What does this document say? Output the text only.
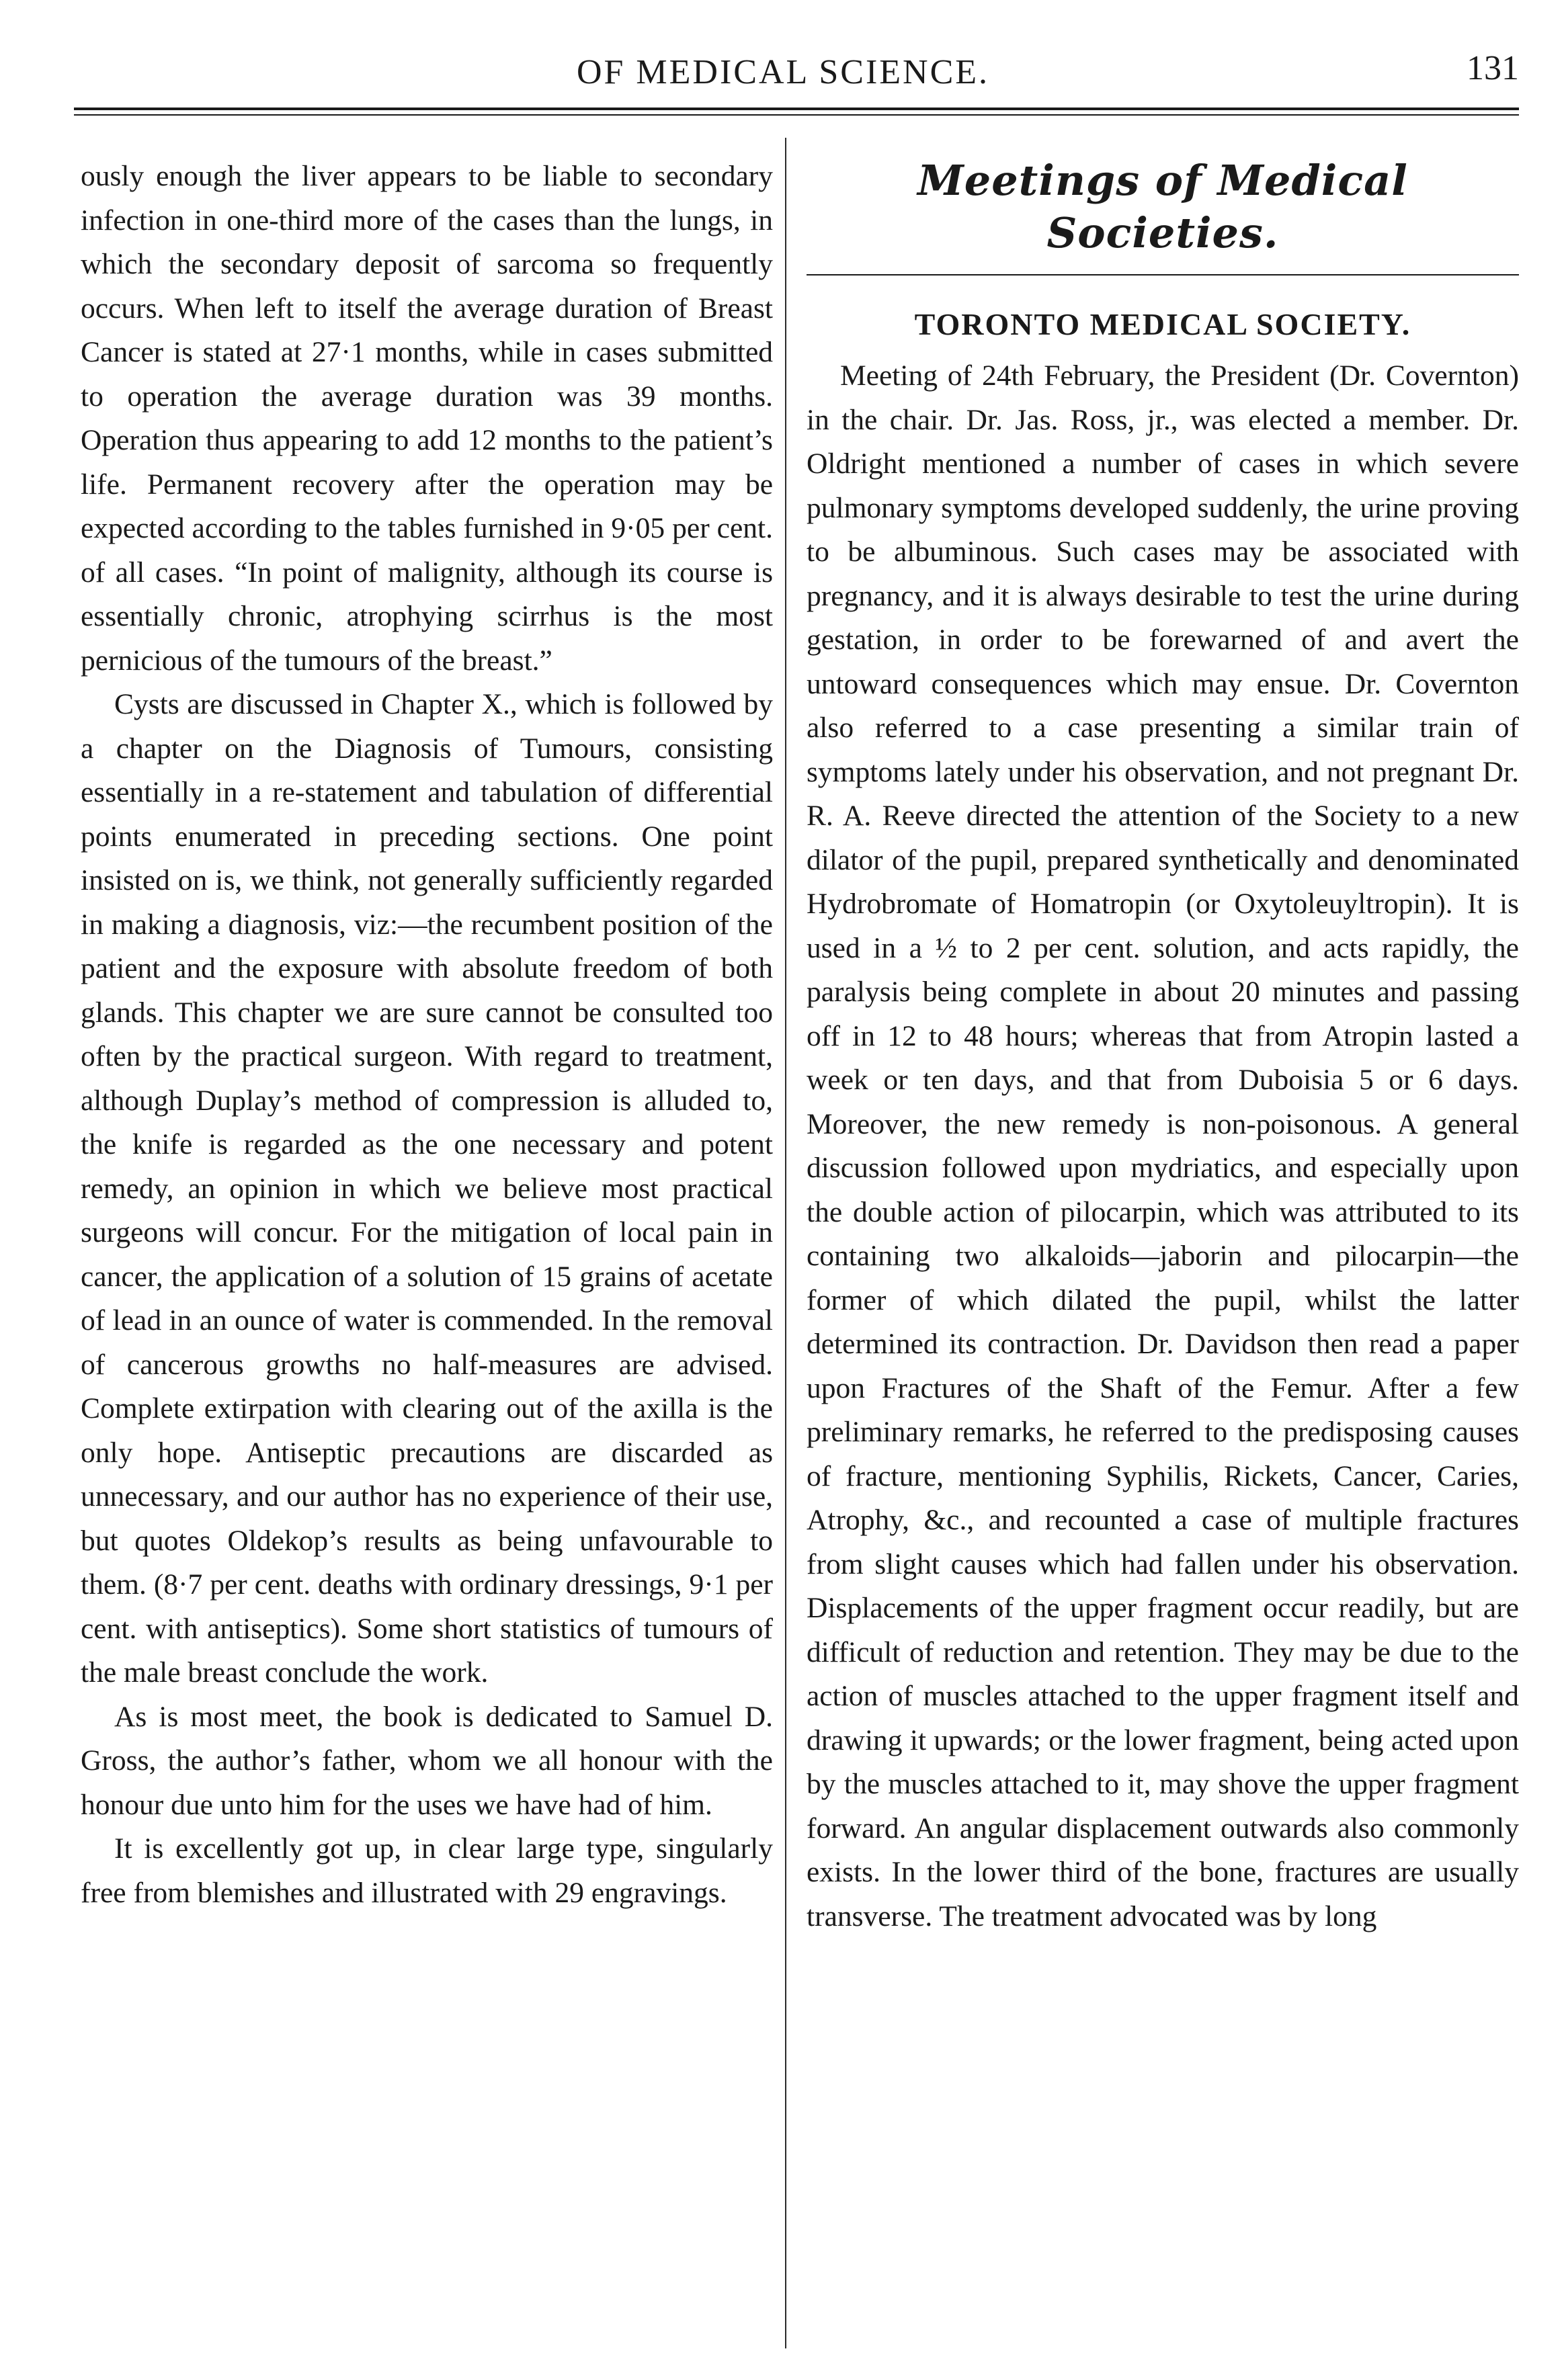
OF MEDICAL SCIENCE.	131

ously enough the liver appears to be liable to secondary infection in one-third more of the cases than the lungs, in which the secondary deposit of sarcoma so frequently occurs. When left to itself the average duration of Breast Cancer is stated at 27·1 months, while in cases submitted to operation the average duration was 39 months. Operation thus appearing to add 12 months to the patient’s life. Permanent recovery after the operation may be expected according to the tables furnished in 9·05 per cent. of all cases. “In point of malignity, although its course is essentially chronic, atrophying scirrhus is the most pernicious of the tumours of the breast.”

Cysts are discussed in Chapter X., which is followed by a chapter on the Diagnosis of Tumours, consisting essentially in a re-statement and tabulation of differential points enumerated in preceding sections. One point insisted on is, we think, not generally sufficiently regarded in making a diagnosis, viz:—the recumbent position of the patient and the exposure with absolute freedom of both glands. This chapter we are sure cannot be consulted too often by the practical surgeon. With regard to treatment, although Duplay’s method of compression is alluded to, the knife is regarded as the one necessary and potent remedy, an opinion in which we believe most practical surgeons will concur. For the mitigation of local pain in cancer, the application of a solution of 15 grains of acetate of lead in an ounce of water is commended. In the removal of cancerous growths no half-measures are advised. Complete extirpation with clearing out of the axilla is the only hope. Antiseptic precautions are discarded as unnecessary, and our author has no experience of their use, but quotes Oldekop’s results as being unfavourable to them. (8·7 per cent. deaths with ordinary dressings, 9·1 per cent. with antiseptics). Some short statistics of tumours of the male breast conclude the work.

As is most meet, the book is dedicated to Samuel D. Gross, the author’s father, whom we all honour with the honour due unto him for the uses we have had of him.

It is excellently got up, in clear large type, singularly free from blemishes and illustrated with 29 engravings.

Meetings of Medical Societies.
TORONTO MEDICAL SOCIETY.

Meeting of 24th February, the President (Dr. Covernton) in the chair. Dr. Jas. Ross, jr., was elected a member. Dr. Oldright mentioned a number of cases in which severe pulmonary symptoms developed suddenly, the urine proving to be albuminous. Such cases may be associated with pregnancy, and it is always desirable to test the urine during gestation, in order to be forewarned of and avert the untoward consequences which may ensue. Dr. Covernton also referred to a case presenting a similar train of symptoms lately under his observation, and not pregnant Dr. R. A. Reeve directed the attention of the Society to a new dilator of the pupil, prepared synthetically and denominated Hydrobromate of Homatropin (or Oxytoleuyltropin). It is used in a ½ to 2 per cent. solution, and acts rapidly, the paralysis being complete in about 20 minutes and passing off in 12 to 48 hours; whereas that from Atropin lasted a week or ten days, and that from Duboisia 5 or 6 days. Moreover, the new remedy is non-poisonous. A general discussion followed upon mydriatics, and especially upon the double action of pilocarpin, which was attributed to its containing two alkaloids—jaborin and pilocarpin—the former of which dilated the pupil, whilst the latter determined its contraction. Dr. Davidson then read a paper upon Fractures of the Shaft of the Femur. After a few preliminary remarks, he referred to the predisposing causes of fracture, mentioning Syphilis, Rickets, Cancer, Caries, Atrophy, &c., and recounted a case of multiple fractures from slight causes which had fallen under his observation. Displacements of the upper fragment occur readily, but are difficult of reduction and retention. They may be due to the action of muscles attached to the upper fragment itself and drawing it upwards; or the lower fragment, being acted upon by the muscles attached to it, may shove the upper fragment forward. An angular displacement outwards also commonly exists. In the lower third of the bone, fractures are usually transverse. The treatment advocated was by long
